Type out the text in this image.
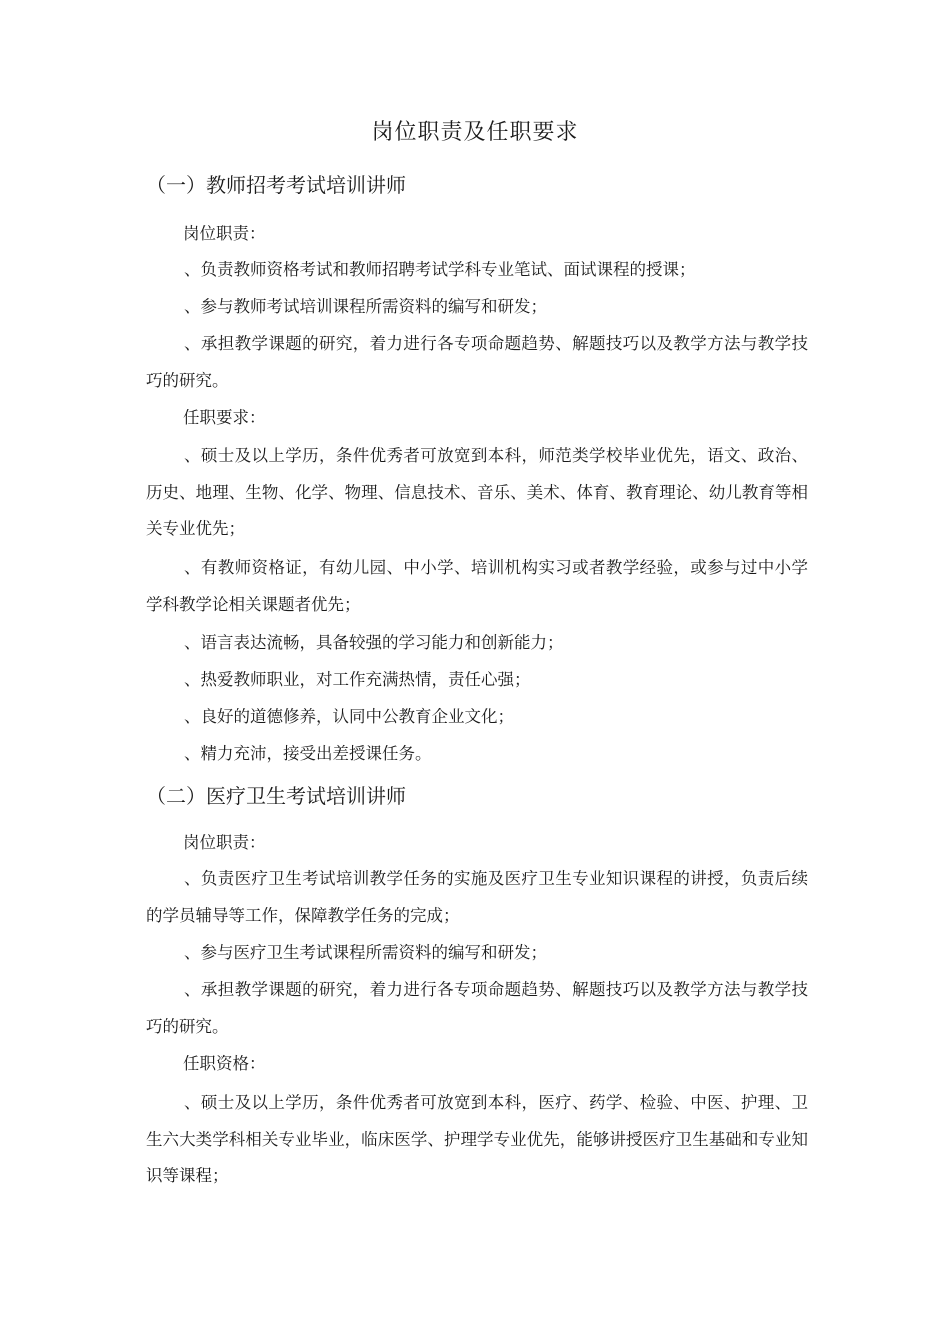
岗位职责及任职要求
（一）教师招考考试培训讲师
岗位职责：
、负责教师资格考试和教师招聘考试学科专业笔试、面试课程的授课；
、参与教师考试培训课程所需资料的编写和研发；
、承担教学课题的研究，着力进行各专项命题趋势、解题技巧以及教学方法与教学技巧的研究。
任职要求：
、硕士及以上学历，条件优秀者可放宽到本科，师范类学校毕业优先，语文、政治、历史、地理、生物、化学、物理、信息技术、音乐、美术、体育、教育理论、幼儿教育等相关专业优先；
、有教师资格证，有幼儿园、中小学、培训机构实习或者教学经验，或参与过中小学学科教学论相关课题者优先；
、语言表达流畅，具备较强的学习能力和创新能力；
、热爱教师职业，对工作充满热情，责任心强；
、良好的道德修养，认同中公教育企业文化；
、精力充沛，接受出差授课任务。
（二）医疗卫生考试培训讲师
岗位职责：
、负责医疗卫生考试培训教学任务的实施及医疗卫生专业知识课程的讲授，负责后续的学员辅导等工作，保障教学任务的完成；
、参与医疗卫生考试课程所需资料的编写和研发；
、承担教学课题的研究，着力进行各专项命题趋势、解题技巧以及教学方法与教学技巧的研究。
任职资格：
、硕士及以上学历，条件优秀者可放宽到本科，医疗、药学、检验、中医、护理、卫生六大类学科相关专业毕业，临床医学、护理学专业优先，能够讲授医疗卫生基础和专业知识等课程；
